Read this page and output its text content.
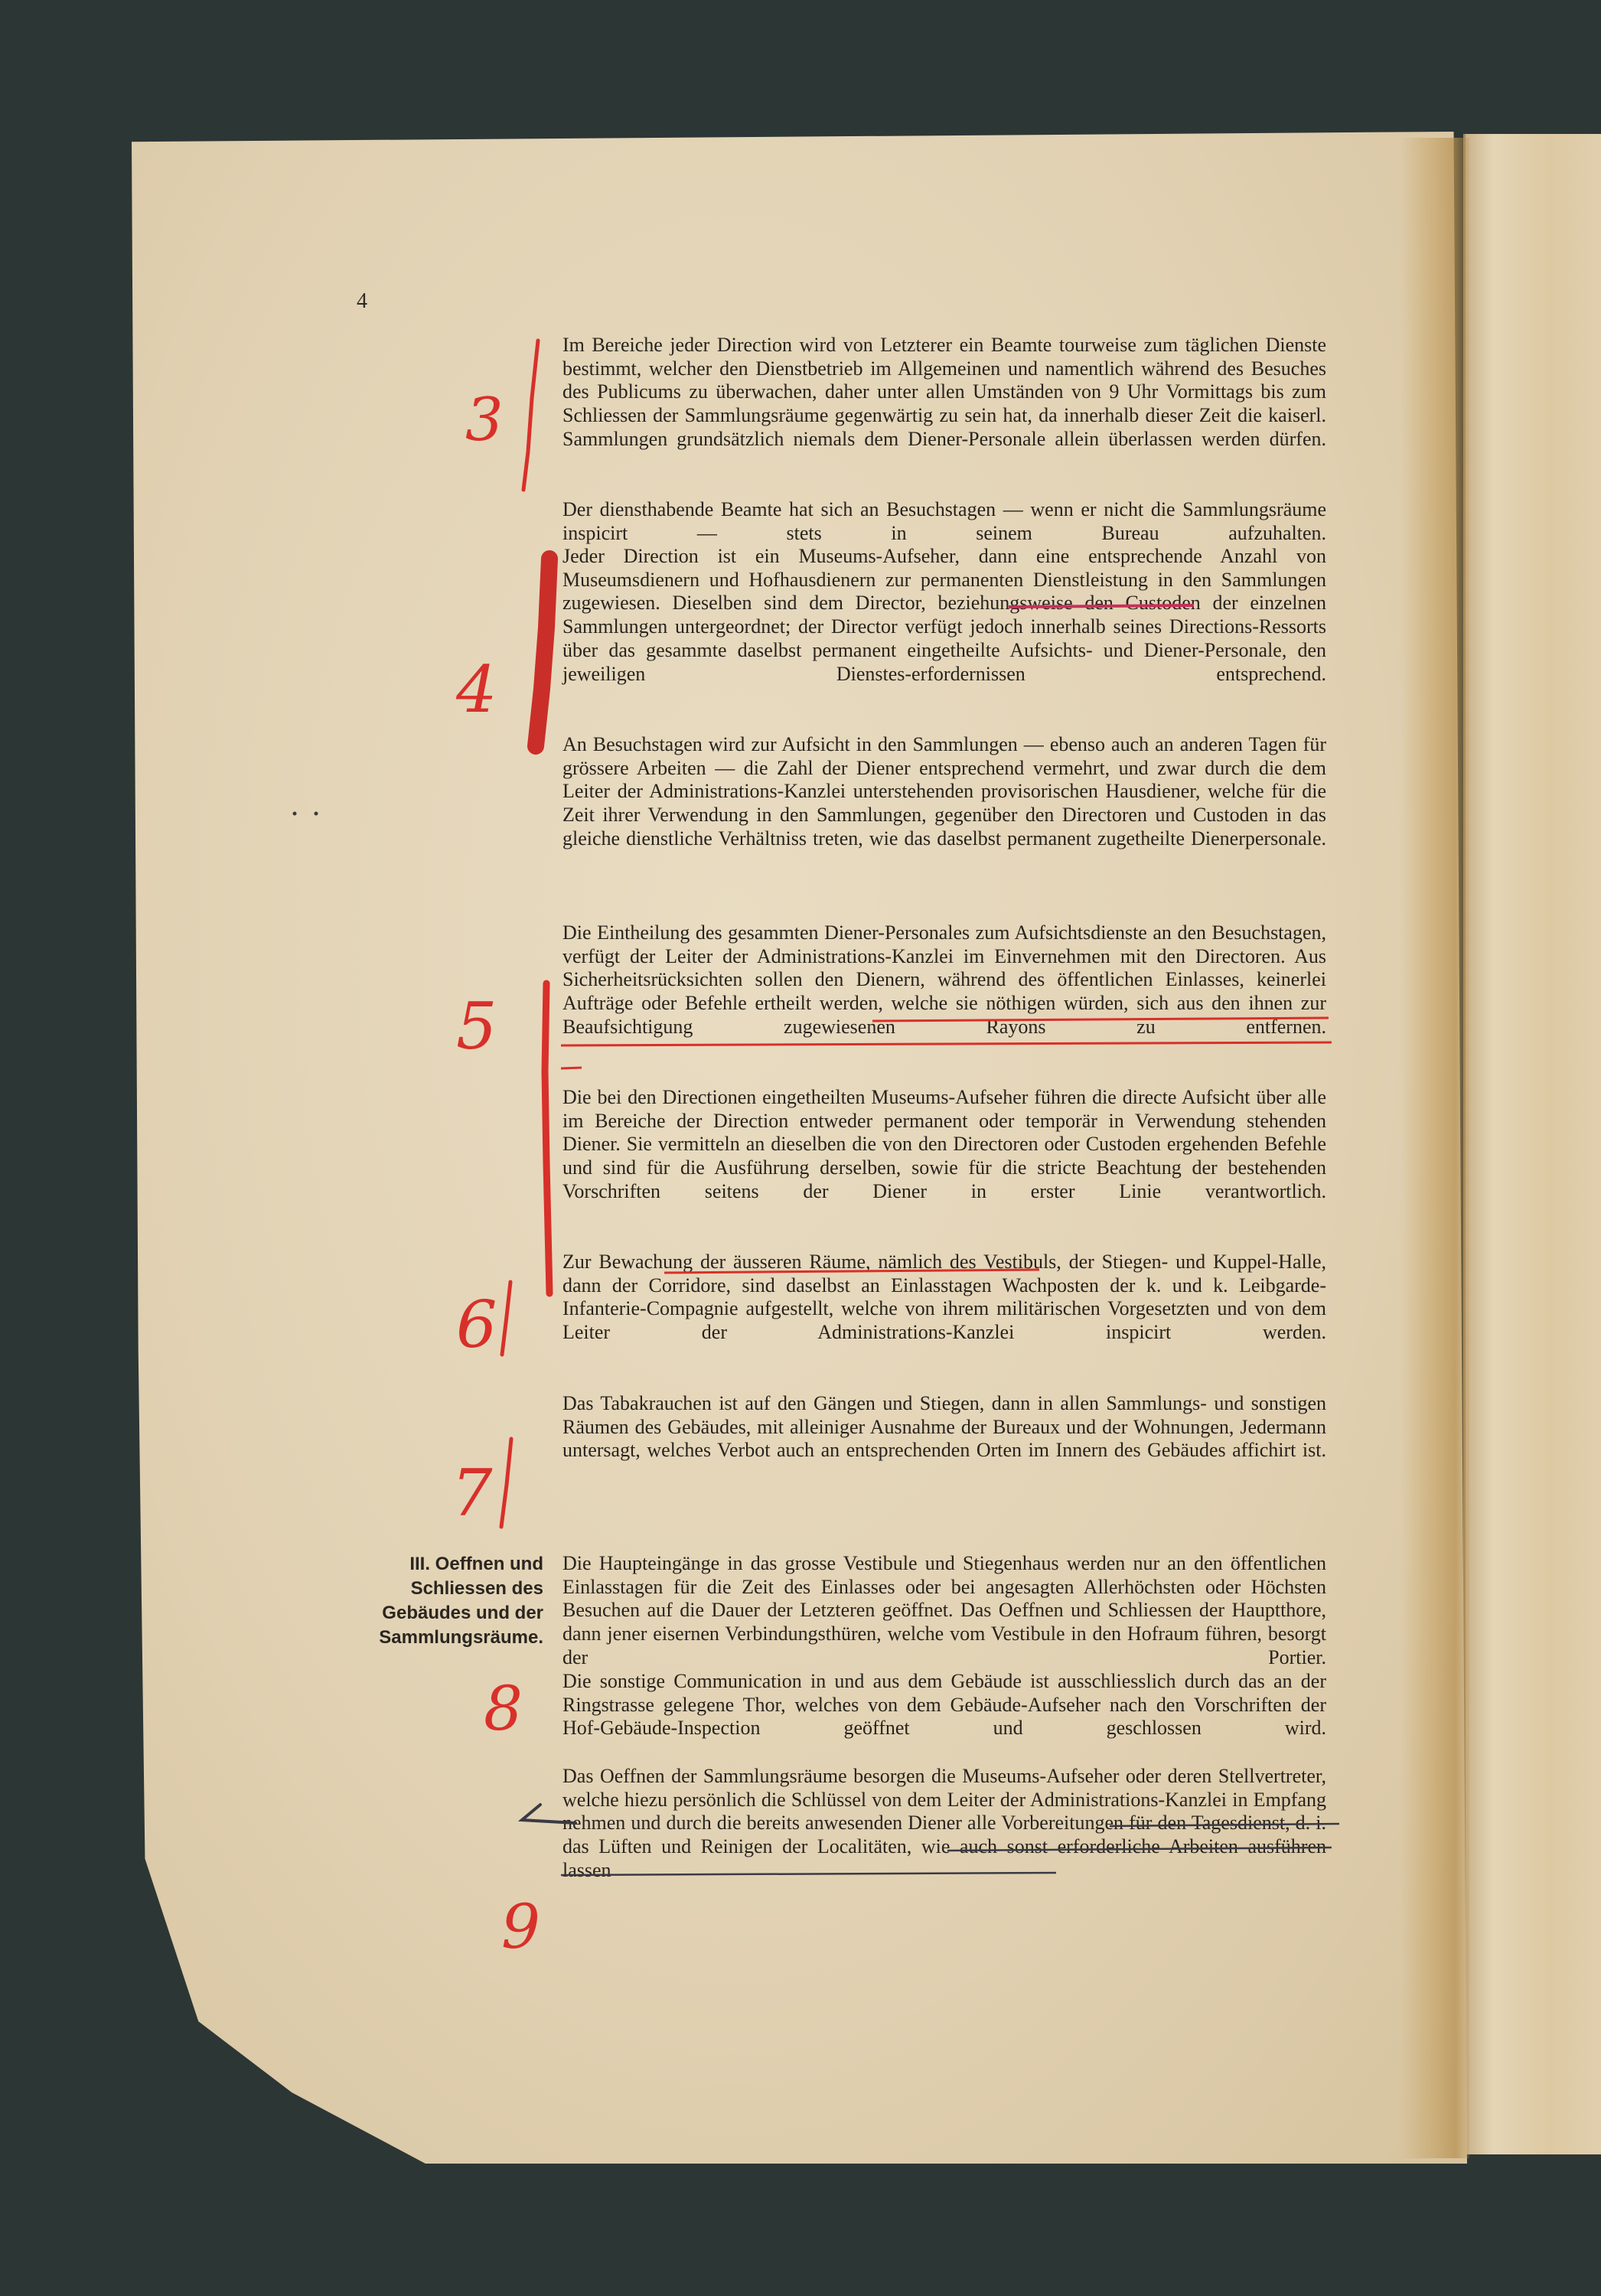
4

Im Bereiche jeder Direction wird von Letzterer ein Beamte tourweise zum täglichen Dienste bestimmt, welcher den Dienstbetrieb im Allgemeinen und namentlich während des Besuches des Publicums zu überwachen, daher unter allen Umständen von 9 Uhr Vormittags bis zum Schliessen der Sammlungsräume gegenwärtig zu sein hat, da innerhalb dieser Zeit die kaiserl. Sammlungen grundsätzlich niemals dem Diener-Personale allein überlassen werden dürfen.

Der diensthabende Beamte hat sich an Besuchstagen — wenn er nicht die Sammlungsräume inspicirt — stets in seinem Bureau aufzuhalten.

Jeder Direction ist ein Museums-Aufseher, dann eine entsprechende Anzahl von Museumsdienern und Hofhausdienern zur permanenten Dienstleistung in den Sammlungen zugewiesen. Dieselben sind dem Director, beziehungsweise den Custoden der einzelnen Sammlungen untergeordnet; der Director verfügt jedoch innerhalb seines Directions-Ressorts über das gesammte daselbst permanent eingetheilte Aufsichts- und Diener-Personale, den jeweiligen Dienstes-erfordernissen entsprechend.

An Besuchstagen wird zur Aufsicht in den Sammlungen — ebenso auch an anderen Tagen für grössere Arbeiten — die Zahl der Diener entsprechend vermehrt, und zwar durch die dem Leiter der Administrations-Kanzlei unterstehenden provisorischen Hausdiener, welche für die Zeit ihrer Verwendung in den Sammlungen, gegenüber den Directoren und Custoden in das gleiche dienstliche Verhältniss treten, wie das daselbst permanent zugetheilte Dienerpersonale.

Die Eintheilung des gesammten Diener-Personales zum Aufsichtsdienste an den Besuchstagen, verfügt der Leiter der Administrations-Kanzlei im Einvernehmen mit den Directoren. Aus Sicherheitsrücksichten sollen den Dienern, während des öffentlichen Einlasses, keinerlei Aufträge oder Befehle ertheilt werden, welche sie nöthigen würden, sich aus den ihnen zur Beaufsichtigung zugewiesenen Rayons zu entfernen.

Die bei den Directionen eingetheilten Museums-Aufseher führen die directe Aufsicht über alle im Bereiche der Direction entweder permanent oder temporär in Verwendung stehenden Diener. Sie vermitteln an dieselben die von den Directoren oder Custoden ergehenden Befehle und sind für die Ausführung derselben, sowie für die stricte Beachtung der bestehenden Vorschriften seitens der Diener in erster Linie verantwortlich.

Zur Bewachung der äusseren Räume, nämlich des Vestibuls, der Stiegen- und Kuppel-Halle, dann der Corridore, sind daselbst an Einlasstagen Wachposten der k. und k. Leibgarde-Infanterie-Compagnie aufgestellt, welche von ihrem militärischen Vorgesetzten und von dem Leiter der Administrations-Kanzlei inspicirt werden.

Das Tabakrauchen ist auf den Gängen und Stiegen, dann in allen Sammlungs- und sonstigen Räumen des Gebäudes, mit alleiniger Ausnahme der Bureaux und der Wohnungen, Jedermann untersagt, welches Verbot auch an entsprechenden Orten im Innern des Gebäudes affichirt ist.

Die Haupteingänge in das grosse Vestibule und Stiegenhaus werden nur an den öffentlichen Einlasstagen für die Zeit des Einlasses oder bei angesagten Allerhöchsten oder Höchsten Besuchen auf die Dauer der Letzteren geöffnet. Das Oeffnen und Schliessen der Hauptthore, dann jener eisernen Verbindungsthüren, welche vom Vestibule in den Hofraum führen, besorgt der Portier.

Die sonstige Communication in und aus dem Gebäude ist ausschliesslich durch das an der Ringstrasse gelegene Thor, welches von dem Gebäude-Aufseher nach den Vorschriften der Hof-Gebäude-Inspection geöffnet und geschlossen wird.

Das Oeffnen der Sammlungsräume besorgen die Museums-Aufseher oder deren Stellvertreter, welche hiezu persönlich die Schlüssel von dem Leiter der Administrations-Kanzlei in Empfang nehmen und durch die bereits anwesenden Diener alle Vorbereitungen für den Tagesdienst, d. i. das Lüften und Reinigen der Localitäten, wie auch sonst erforderliche Arbeiten ausführen lassen

III. Oeffnen und Schliessen des Gebäudes und der Sammlungsräume.

3
4
5
6
7
8
9
